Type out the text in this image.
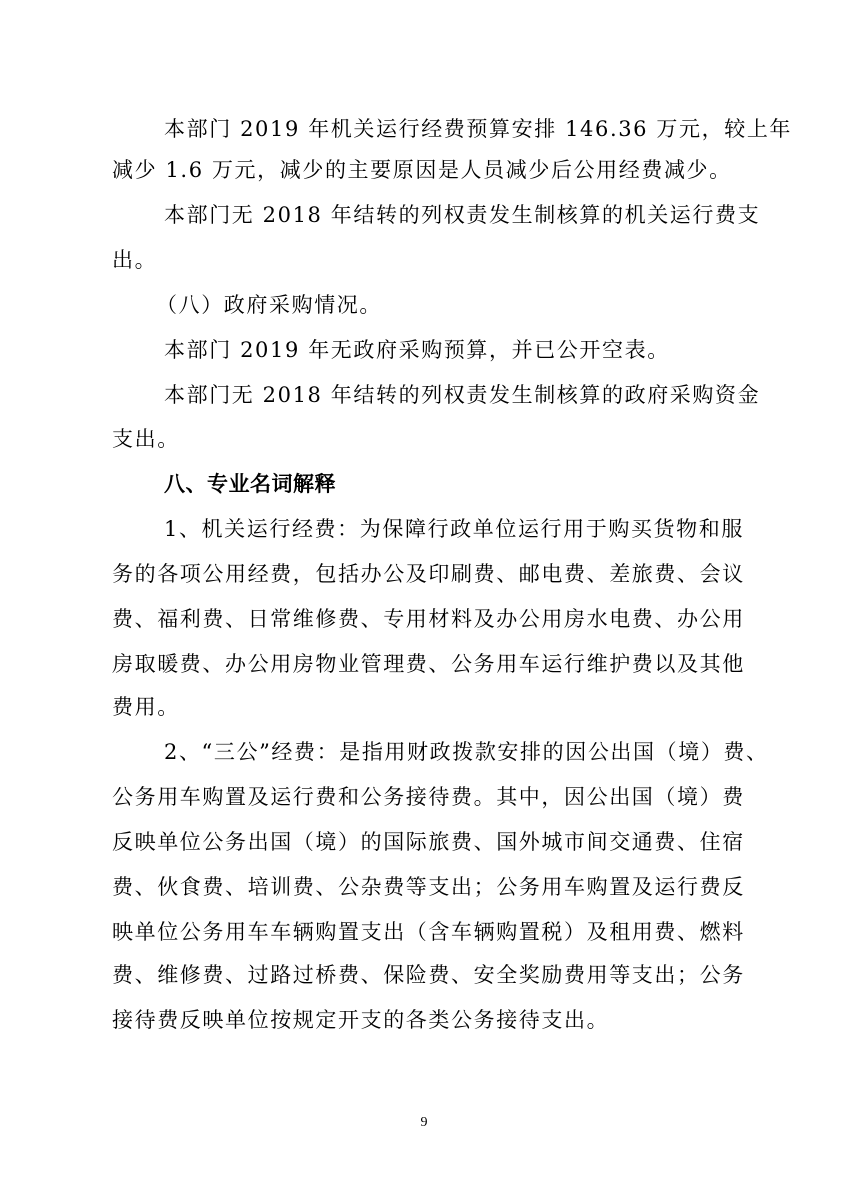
本部门 2019 年机关运行经费预算安排 146.36 万元，较上年
减少 1.6 万元，减少的主要原因是人员减少后公用经费减少。
本部门无 2018 年结转的列权责发生制核算的机关运行费支
出。
（八）政府采购情况。
本部门 2019 年无政府采购预算，并已公开空表。
本部门无 2018 年结转的列权责发生制核算的政府采购资金
支出。
八、专业名词解释
1、机关运行经费：为保障行政单位运行用于购买货物和服
务的各项公用经费，包括办公及印刷费、邮电费、差旅费、会议
费、福利费、日常维修费、专用材料及办公用房水电费、办公用
房取暖费、办公用房物业管理费、公务用车运行维护费以及其他
费用。
2、“三公”经费：是指用财政拨款安排的因公出国（境）费、
公务用车购置及运行费和公务接待费。其中，因公出国（境）费
反映单位公务出国（境）的国际旅费、国外城市间交通费、住宿
费、伙食费、培训费、公杂费等支出；公务用车购置及运行费反
映单位公务用车车辆购置支出（含车辆购置税）及租用费、燃料
费、维修费、过路过桥费、保险费、安全奖励费用等支出；公务
接待费反映单位按规定开支的各类公务接待支出。
9
